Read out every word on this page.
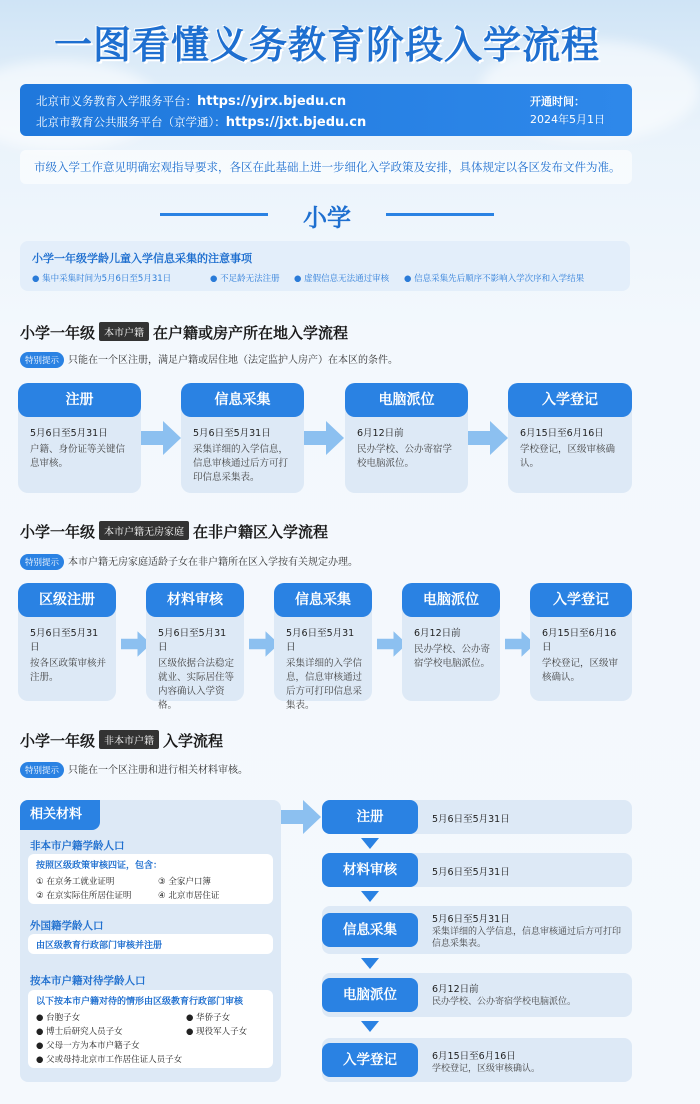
一图看懂义务教育阶段入学流程
北京市义务教育入学服务平台：https://yjrx.bjedu.cn
北京市教育公共服务平台（京学通）：https://jxt.bjedu.cn
开通时间：
2024年5月1日
市级入学工作意见明确宏观指导要求，各区在此基础上进一步细化入学政策及安排，具体规定以各区发布文件为准。
小学
小学一年级学龄儿童入学信息采集的注意事项
● 集中采集时间为5月6日至5月31日	● 不足龄无法注册 ● 虚假信息无法通过审核 ● 信息采集先后顺序不影响入学次序和入学结果
小学一年级 本市户籍 在户籍或房产所在地入学流程
特别提示 只能在一个区注册，满足户籍或居住地（法定监护人房产）在本区的条件。
注册
5月6日至5月31日
户籍、身份证等关键信息审核。
信息采集
5月6日至5月31日
采集详细的入学信息，信息审核通过后方可打印信息采集表。
电脑派位
6月12日前
民办学校、公办寄宿学校电脑派位。
入学登记
6月15日至6月16日
学校登记，区级审核确认。
小学一年级 本市户籍无房家庭 在非户籍区入学流程
特别提示 本市户籍无房家庭适龄子女在非户籍所在区入学按有关规定办理。
区级注册
5月6日至5月31日
按各区政策审核并注册。
材料审核
5月6日至5月31日
区级依据合法稳定就业、实际居住等内容确认入学资格。
信息采集
5月6日至5月31日
采集详细的入学信息，信息审核通过后方可打印信息采集表。
电脑派位
6月12日前
民办学校、公办寄宿学校电脑派位。
入学登记
6月15日至6月16日
学校登记，区级审核确认。
小学一年级 非本市户籍 入学流程
特别提示 只能在一个区注册和进行相关材料审核。
相关材料
非本市户籍学龄人口
按照区级政策审核四证，包含：
① 在京务工就业证明	③ 全家户口簿
② 在京实际住所居住证明	④ 北京市居住证
外国籍学龄人口
由区级教育行政部门审核并注册
按本市户籍对待学龄人口
以下按本市户籍对待的情形由区级教育行政部门审核
● 台胞子女	● 华侨子女
● 博士后研究人员子女	● 现役军人子女
● 父母一方为本市户籍子女
● 父或母持北京市工作居住证人员子女
注册	5月6日至5月31日
材料审核	5月6日至5月31日
信息采集
5月6日至5月31日
采集详细的入学信息，信息审核通过后方可打印信息采集表。
电脑派位	6月12日前
民办学校、公办寄宿学校电脑派位。
入学登记	6月15日至6月16日
学校登记，区级审核确认。
